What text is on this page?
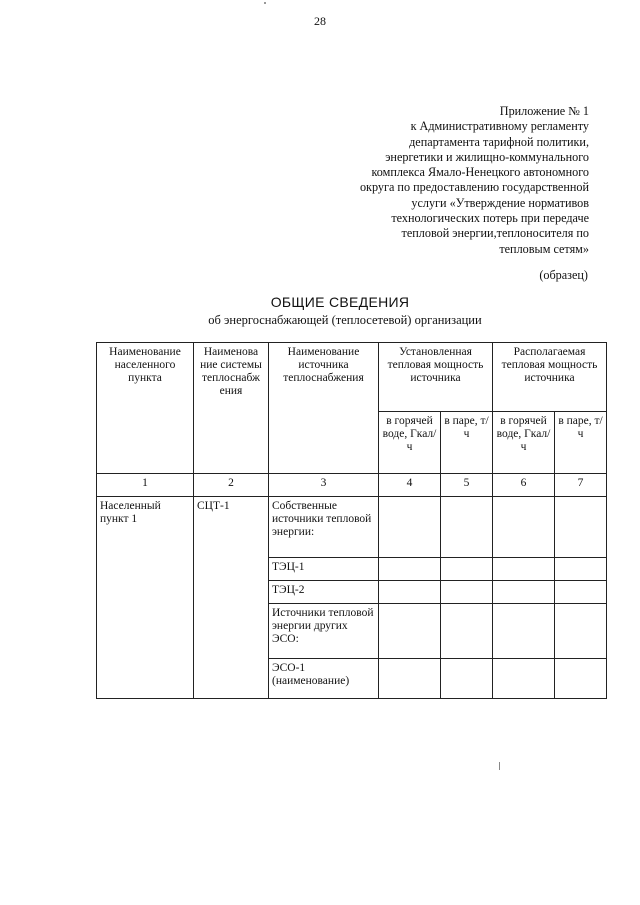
28
Приложение № 1
к Административному регламенту
департамента тарифной политики,
энергетики и жилищно-коммунального
комплекса Ямало-Ненецкого автономного
округа по предоставлению государственной
услуги «Утверждение нормативов
технологических потерь при передаче
тепловой энергии,теплоносителя по
тепловым сетям»
(образец)
ОБЩИЕ СВЕДЕНИЯ
об энергоснабжающей (теплосетевой) организации
Наименование населенного пункта	Наименова ние системы теплоснабж ения	Наименование источника теплоснабжения	Установленная тепловая мощность источника		Располагаемая тепловая мощность источника	
			в горячей воде, Гкал/ч	в паре, т/ч	в горячей воде, Гкал/ч	в паре, т/ч
1	2	3	4	5	6	7
Населенный пункт 1	СЦТ-1	Собственные источники тепловой энергии:				
		ТЭЦ-1				
		ТЭЦ-2				
		Источники тепловой энергии других ЭСО:				
		ЭСО-1 (наименование)				
